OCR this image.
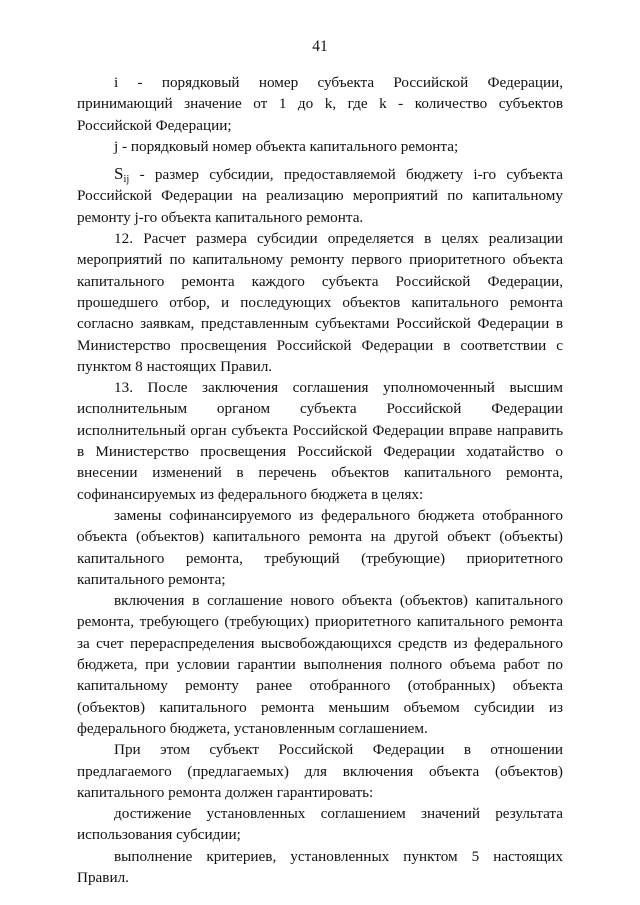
41

i - порядковый номер субъекта Российской Федерации, принимающий значение от 1 до k, где k - количество субъектов Российской Федерации;

j - порядковый номер объекта капитального ремонта;

$S_{ij}$ - размер субсидии, предоставляемой бюджету i-го субъекта Российской Федерации на реализацию мероприятий по капитальному ремонту j-го объекта капитального ремонта.

12. Расчет размера субсидии определяется в целях реализации мероприятий по капитальному ремонту первого приоритетного объекта капитального ремонта каждого субъекта Российской Федерации, прошедшего отбор, и последующих объектов капитального ремонта согласно заявкам, представленным субъектами Российской Федерации в Министерство просвещения Российской Федерации в соответствии с пунктом 8 настоящих Правил.

13. После заключения соглашения уполномоченный высшим исполнительным органом субъекта Российской Федерации исполнительный орган субъекта Российской Федерации вправе направить в Министерство просвещения Российской Федерации ходатайство о внесении изменений в перечень объектов капитального ремонта, софинансируемых из федерального бюджета в целях:

замены софинансируемого из федерального бюджета отобранного объекта (объектов) капитального ремонта на другой объект (объекты) капитального ремонта, требующий (требующие) приоритетного капитального ремонта;

включения в соглашение нового объекта (объектов) капитального ремонта, требующего (требующих) приоритетного капитального ремонта за счет перераспределения высвобождающихся средств из федерального бюджета, при условии гарантии выполнения полного объема работ по капитальному ремонту ранее отобранного (отобранных) объекта (объектов) капитального ремонта меньшим объемом субсидии из федерального бюджета, установленным соглашением.

При этом субъект Российской Федерации в отношении предлагаемого (предлагаемых) для включения объекта (объектов) капитального ремонта должен гарантировать:

достижение установленных соглашением значений результата использования субсидии;

выполнение критериев, установленных пунктом 5 настоящих Правил.
